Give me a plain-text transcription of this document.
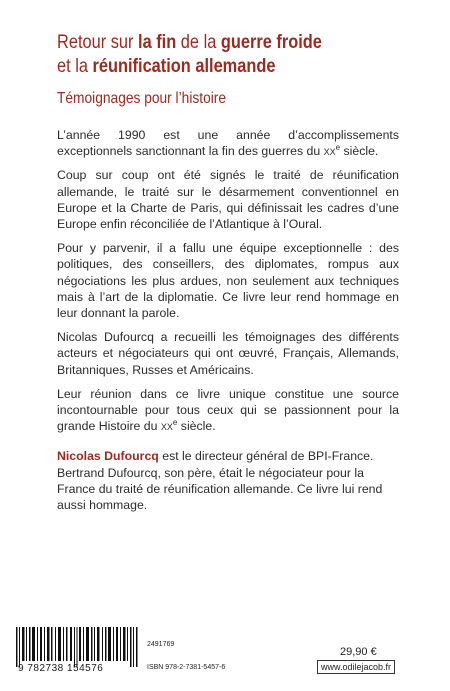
Retour sur la fin de la guerre froide
et la réunification allemande
Témoignages pour l’histoire

L’année 1990 est une année d’accomplissements exceptionnels sanctionnant la fin des guerres du $xx^e$ siècle.

Coup sur coup ont été signés le traité de réunification allemande, le traité sur le désarmement conventionnel en Europe et la Charte de Paris, qui définissait les cadres d’une Europe enfin réconciliée de l’Atlantique à l’Oural.

Pour y parvenir, il a fallu une équipe exceptionnelle : des politiques, des conseillers, des diplomates, rompus aux négociations les plus ardues, non seulement aux techniques mais à l’art de la diplomatie. Ce livre leur rend hommage en leur donnant la parole.

Nicolas Dufourcq a recueilli les témoignages des différents acteurs et négociateurs qui ont œuvré, Français, Allemands, Britanniques, Russes et Américains.

Leur réunion dans ce livre unique constitue une source incontournable pour tous ceux qui se passionnent pour la grande Histoire du $xx^e$ siècle.

Nicolas Dufourcq est le directeur général de BPI-France. Bertrand Dufourcq, son père, était le négociateur pour la France du traité de réunification allemande. Ce livre lui rend aussi hommage.

9 782738 154576
2491769
ISBN 978-2-7381-5457-6
29,90 €
www.odilejacob.fr
